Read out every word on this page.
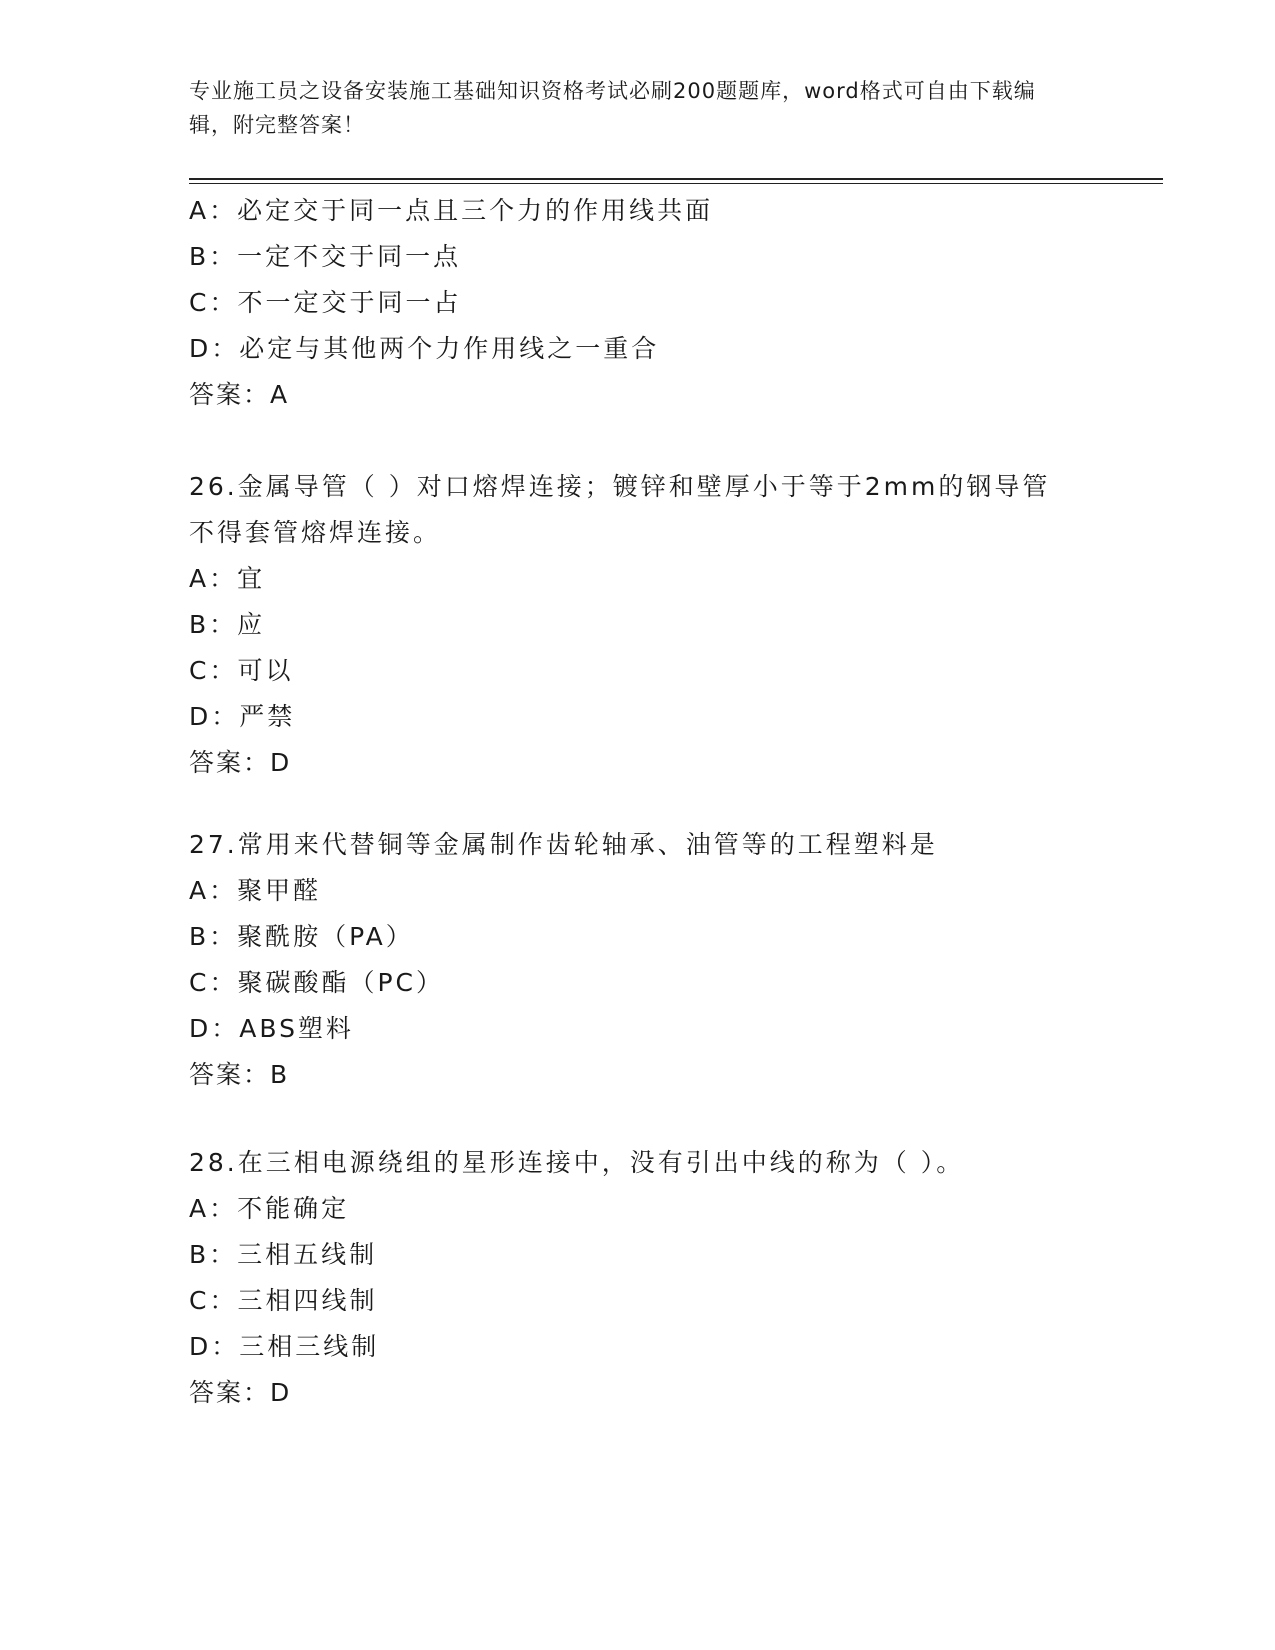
专业施工员之设备安装施工基础知识资格考试必刷200题题库，word格式可自由下载编辑，附完整答案！
A：必定交于同一点且三个力的作用线共面
B：一定不交于同一点
C：不一定交于同一占
D：必定与其他两个力作用线之一重合
答案：A
26.金属导管（ ）对口熔焊连接；镀锌和壁厚小于等于2mm的钢导管不得套管熔焊连接。
A：宜
B：应
C：可以
D：严禁
答案：D
27.常用来代替铜等金属制作齿轮轴承、油管等的工程塑料是
A：聚甲醛
B：聚酰胺（PA）
C：聚碳酸酯（PC）
D：ABS塑料
答案：B
28.在三相电源绕组的星形连接中，没有引出中线的称为（ ）。
A：不能确定
B：三相五线制
C：三相四线制
D：三相三线制
答案：D
